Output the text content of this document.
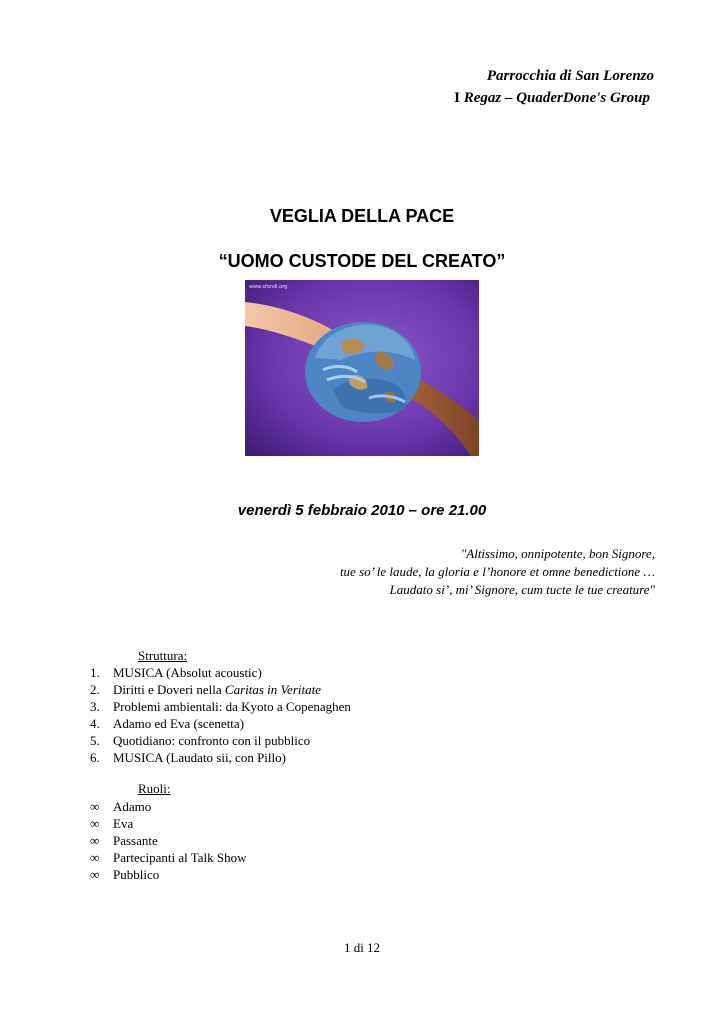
Parrocchia di San Lorenzo
I Regaz – QuaderDone's Group
VEGLIA DELLA PACE
“UOMO CUSTODE DEL CREATO”
www.sfondi.org
venerdì 5 febbraio 2010 – ore 21.00
"Altissimo, onnipotente, bon Signore,
tue so’ le laude, la gloria e l’honore et omne benedictione …
Laudato si’, mi’ Signore, cum tucte le tue creature"
Struttura:
1.	MUSICA (Absolut acoustic)
2.	Diritti e Doveri nella
Caritas in Veritate
3.	Problemi ambientali: da Kyoto a Copenaghen
4.	Adamo ed Eva (scenetta)
5.	Quotidiano: confronto con il pubblico
6.	MUSICA (Laudato sii, con Pillo)
Ruoli:
∞	Adamo
∞	Eva
∞	Passante
∞	Partecipanti al Talk Show
∞	Pubblico
1 di 12
